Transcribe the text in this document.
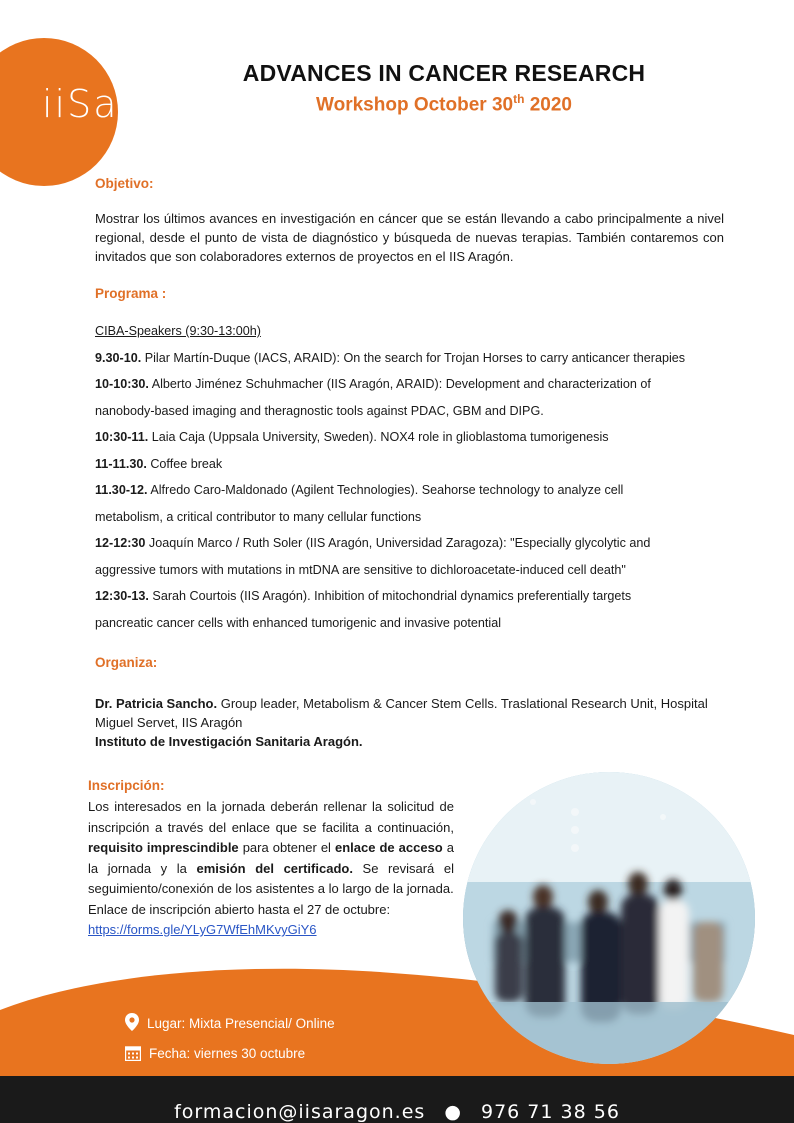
iiSa.
ADVANCES IN CANCER RESEARCH
Workshop October 30th 2020
Objetivo:
Mostrar los últimos avances en investigación en cáncer que se están llevando a cabo principalmente a nivel regional, desde el punto de vista de diagnóstico y búsqueda de nuevas terapias. También contaremos con invitados que son colaboradores externos de proyectos en el IIS Aragón.
Programa :
CIBA-Speakers (9:30-13:00h)
9.30-10. Pilar Martín-Duque (IACS, ARAID): On the search for Trojan Horses to carry anticancer therapies
10-10:30. Alberto Jiménez Schuhmacher (IIS Aragón, ARAID): Development and characterization of
nanobody-based imaging and theragnostic tools against PDAC, GBM and DIPG.
10:30-11. Laia Caja (Uppsala University, Sweden). NOX4 role in glioblastoma tumorigenesis
11-11.30. Coffee break
11.30-12. Alfredo Caro-Maldonado (Agilent Technologies). Seahorse technology to analyze cell
metabolism, a critical contributor to many cellular functions
12-12:30 Joaquín Marco / Ruth Soler (IIS Aragón, Universidad Zaragoza): "Especially glycolytic and
aggressive tumors with mutations in mtDNA are sensitive to dichloroacetate-induced cell death"
12:30-13. Sarah Courtois (IIS Aragón). Inhibition of mitochondrial dynamics preferentially targets
pancreatic cancer cells with enhanced tumorigenic and invasive potential
Organiza:
Dr. Patricia Sancho. Group leader, Metabolism & Cancer Stem Cells. Traslational Research Unit, Hospital Miguel Servet, IIS Aragón
Instituto de Investigación Sanitaria Aragón.
Inscripción:
Los interesados en la jornada deberán rellenar la solicitud de inscripción a través del enlace que se facilita a continuación, requisito imprescindible para obtener el enlace de acceso a la jornada y la emisión del certificado. Se revisará el seguimiento/conexión de los asistentes a lo largo de la jornada.
Enlace de inscripción abierto hasta el 27 de octubre:
https://forms.gle/YLyG7WfEhMKvyGiY6
Lugar: Mixta Presencial/ Online
Fecha: viernes 30 octubre
formacion@iisaragon.es ● 976 71 38 56
